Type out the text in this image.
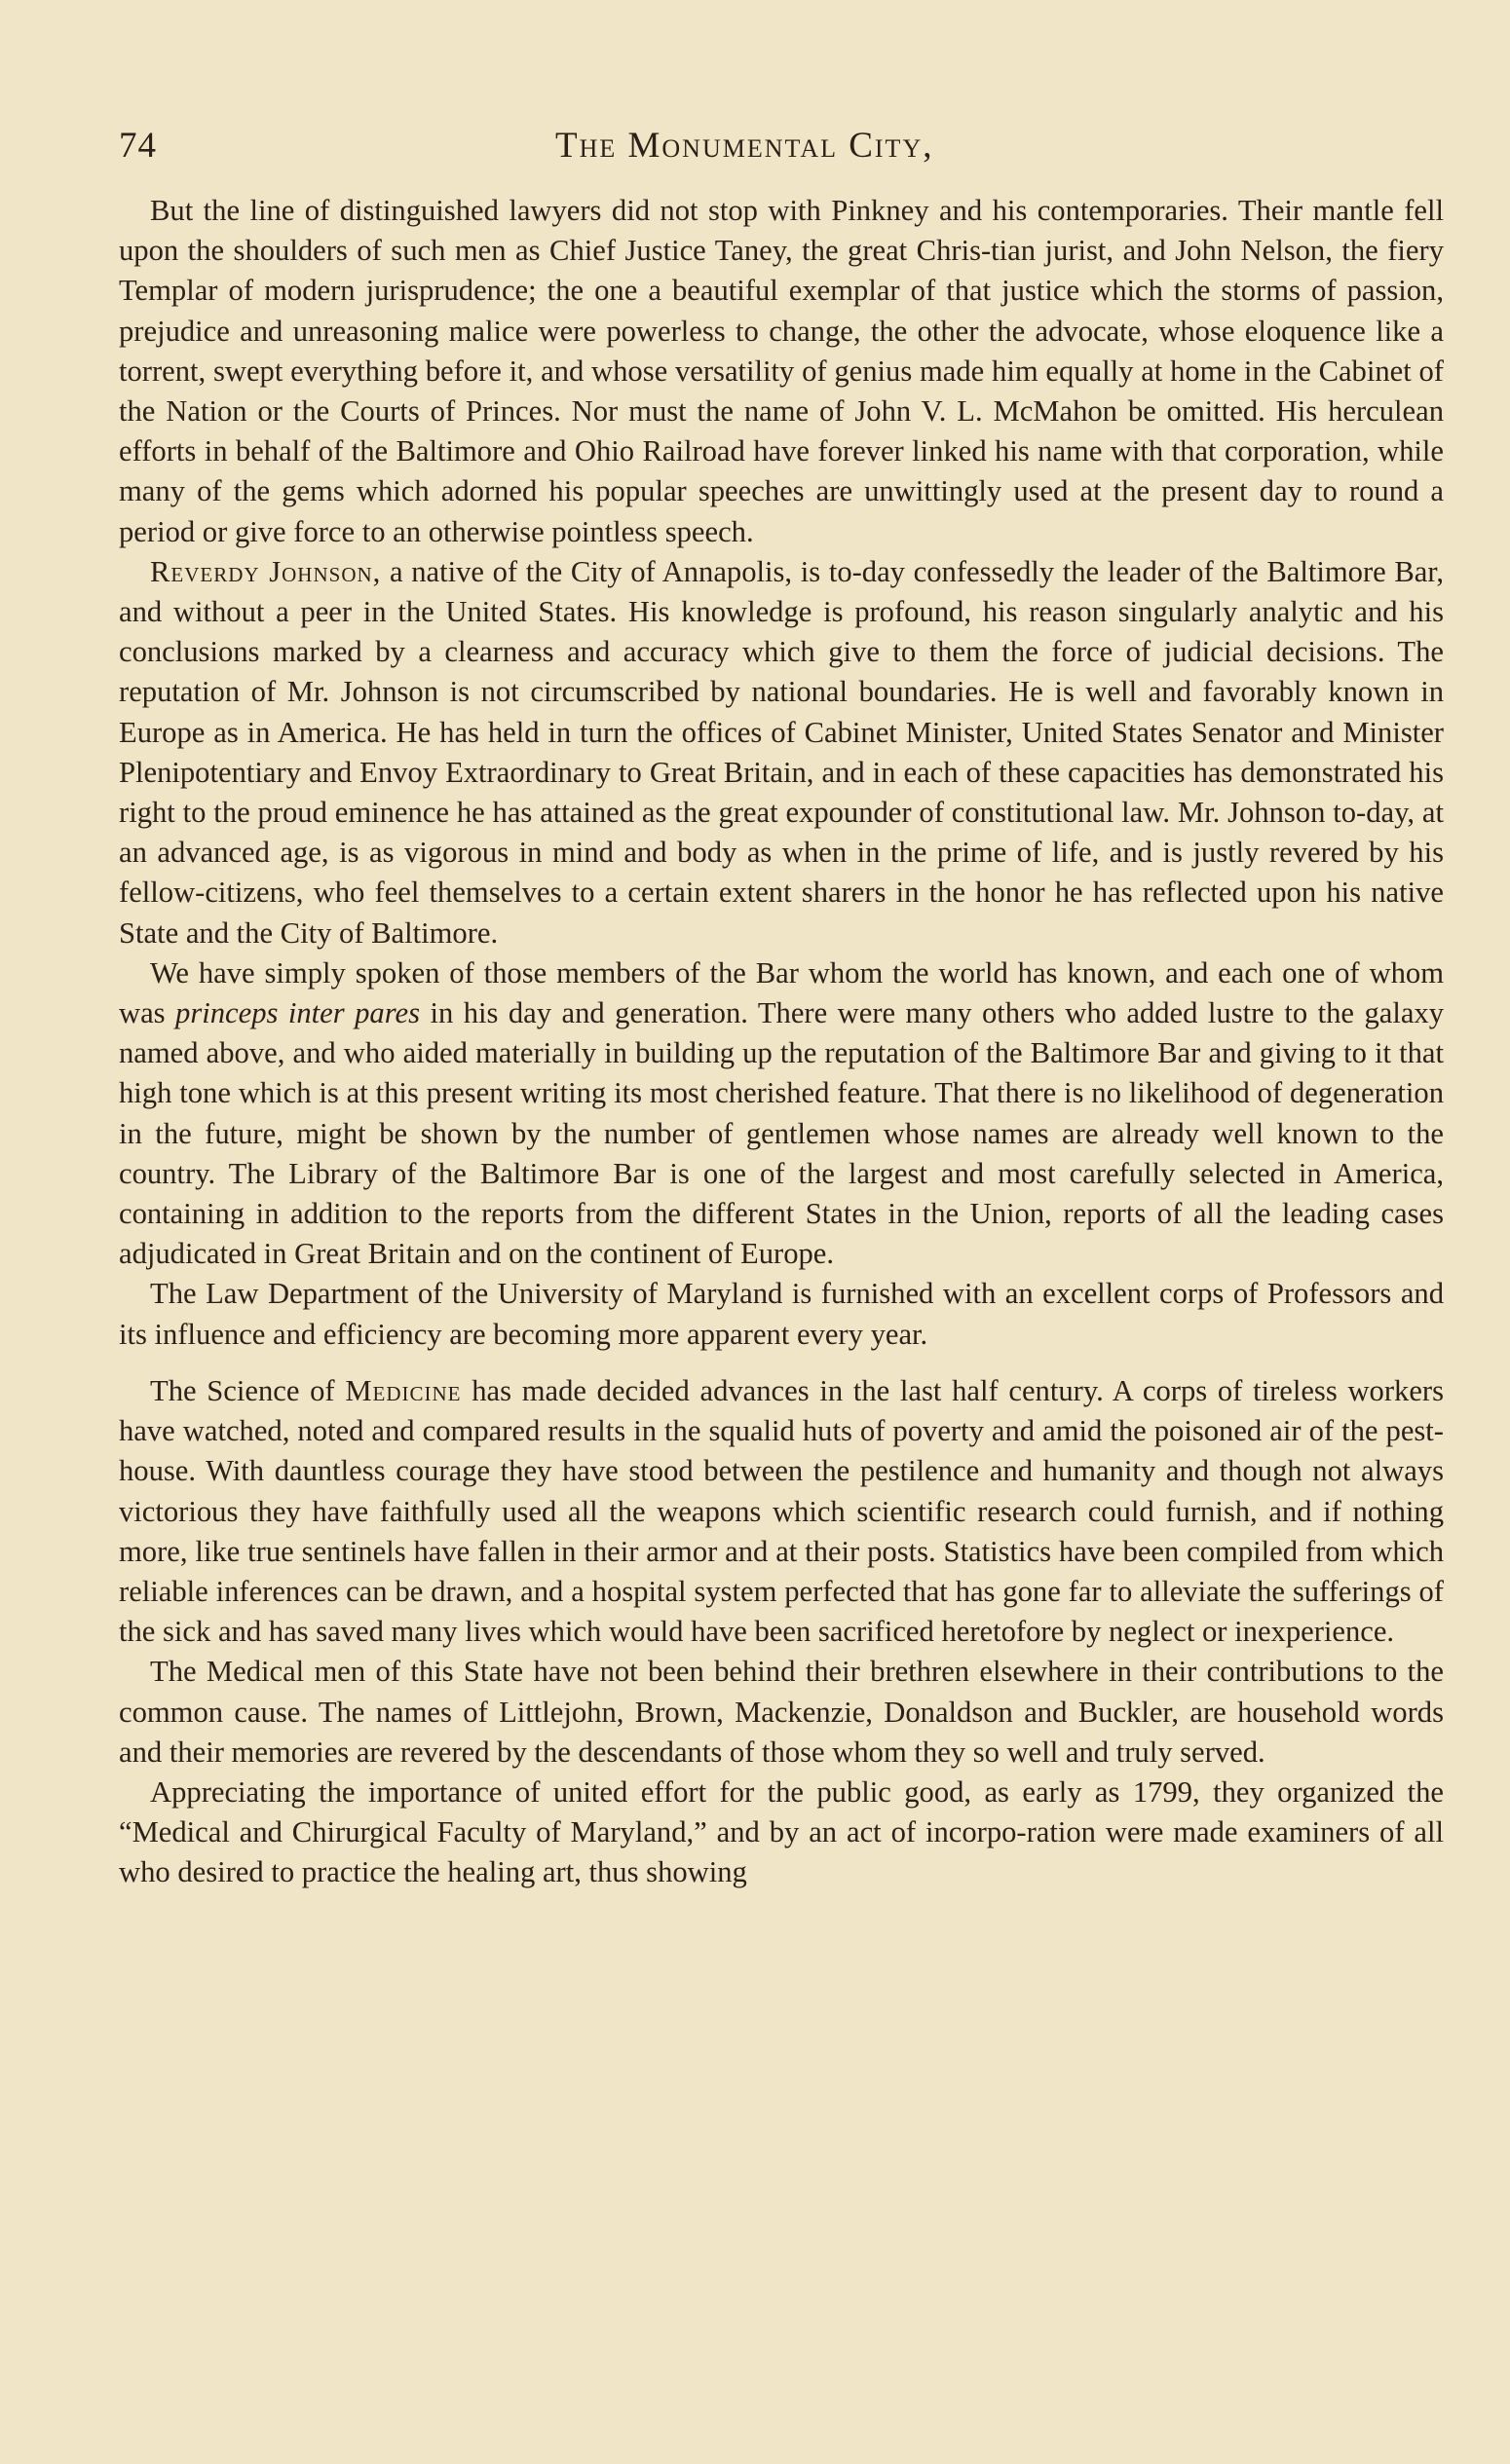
74	The Monumental City,

But the line of distinguished lawyers did not stop with Pinkney and his contemporaries. Their mantle fell upon the shoulders of such men as Chief Justice Taney, the great Chris-tian jurist, and John Nelson, the fiery Templar of modern jurisprudence; the one a beautiful exemplar of that justice which the storms of passion, prejudice and unreasoning malice were powerless to change, the other the advocate, whose eloquence like a torrent, swept everything before it, and whose versatility of genius made him equally at home in the Cabinet of the Nation or the Courts of Princes. Nor must the name of John V. L. McMahon be omitted. His herculean efforts in behalf of the Baltimore and Ohio Railroad have forever linked his name with that corporation, while many of the gems which adorned his popular speeches are unwittingly used at the present day to round a period or give force to an otherwise pointless speech.

Reverdy Johnson, a native of the City of Annapolis, is to-day confessedly the leader of the Baltimore Bar, and without a peer in the United States. His knowledge is profound, his reason singularly analytic and his conclusions marked by a clearness and accuracy which give to them the force of judicial decisions. The reputation of Mr. Johnson is not circumscribed by national boundaries. He is well and favorably known in Europe as in America. He has held in turn the offices of Cabinet Minister, United States Senator and Minister Plenipotentiary and Envoy Extraordinary to Great Britain, and in each of these capacities has demonstrated his right to the proud eminence he has attained as the great expounder of constitutional law. Mr. Johnson to-day, at an advanced age, is as vigorous in mind and body as when in the prime of life, and is justly revered by his fellow-citizens, who feel themselves to a certain extent sharers in the honor he has reflected upon his native State and the City of Baltimore.

We have simply spoken of those members of the Bar whom the world has known, and each one of whom was princeps inter pares in his day and generation. There were many others who added lustre to the galaxy named above, and who aided materially in building up the reputation of the Baltimore Bar and giving to it that high tone which is at this present writing its most cherished feature. That there is no likelihood of degeneration in the future, might be shown by the number of gentlemen whose names are already well known to the country. The Library of the Baltimore Bar is one of the largest and most carefully selected in America, containing in addition to the reports from the different States in the Union, reports of all the leading cases adjudicated in Great Britain and on the continent of Europe.

The Law Department of the University of Maryland is furnished with an excellent corps of Professors and its influence and efficiency are becoming more apparent every year.

The Science of Medicine has made decided advances in the last half century. A corps of tireless workers have watched, noted and compared results in the squalid huts of poverty and amid the poisoned air of the pest-house. With dauntless courage they have stood between the pestilence and humanity and though not always victorious they have faithfully used all the weapons which scientific research could furnish, and if nothing more, like true sentinels have fallen in their armor and at their posts. Statistics have been compiled from which reliable inferences can be drawn, and a hospital system perfected that has gone far to alleviate the sufferings of the sick and has saved many lives which would have been sacrificed heretofore by neglect or inexperience.

The Medical men of this State have not been behind their brethren elsewhere in their contributions to the common cause. The names of Littlejohn, Brown, Mackenzie, Donaldson and Buckler, are household words and their memories are revered by the descendants of those whom they so well and truly served.

Appreciating the importance of united effort for the public good, as early as 1799, they organized the “Medical and Chirurgical Faculty of Maryland,” and by an act of incorpo-ration were made examiners of all who desired to practice the healing art, thus showing
